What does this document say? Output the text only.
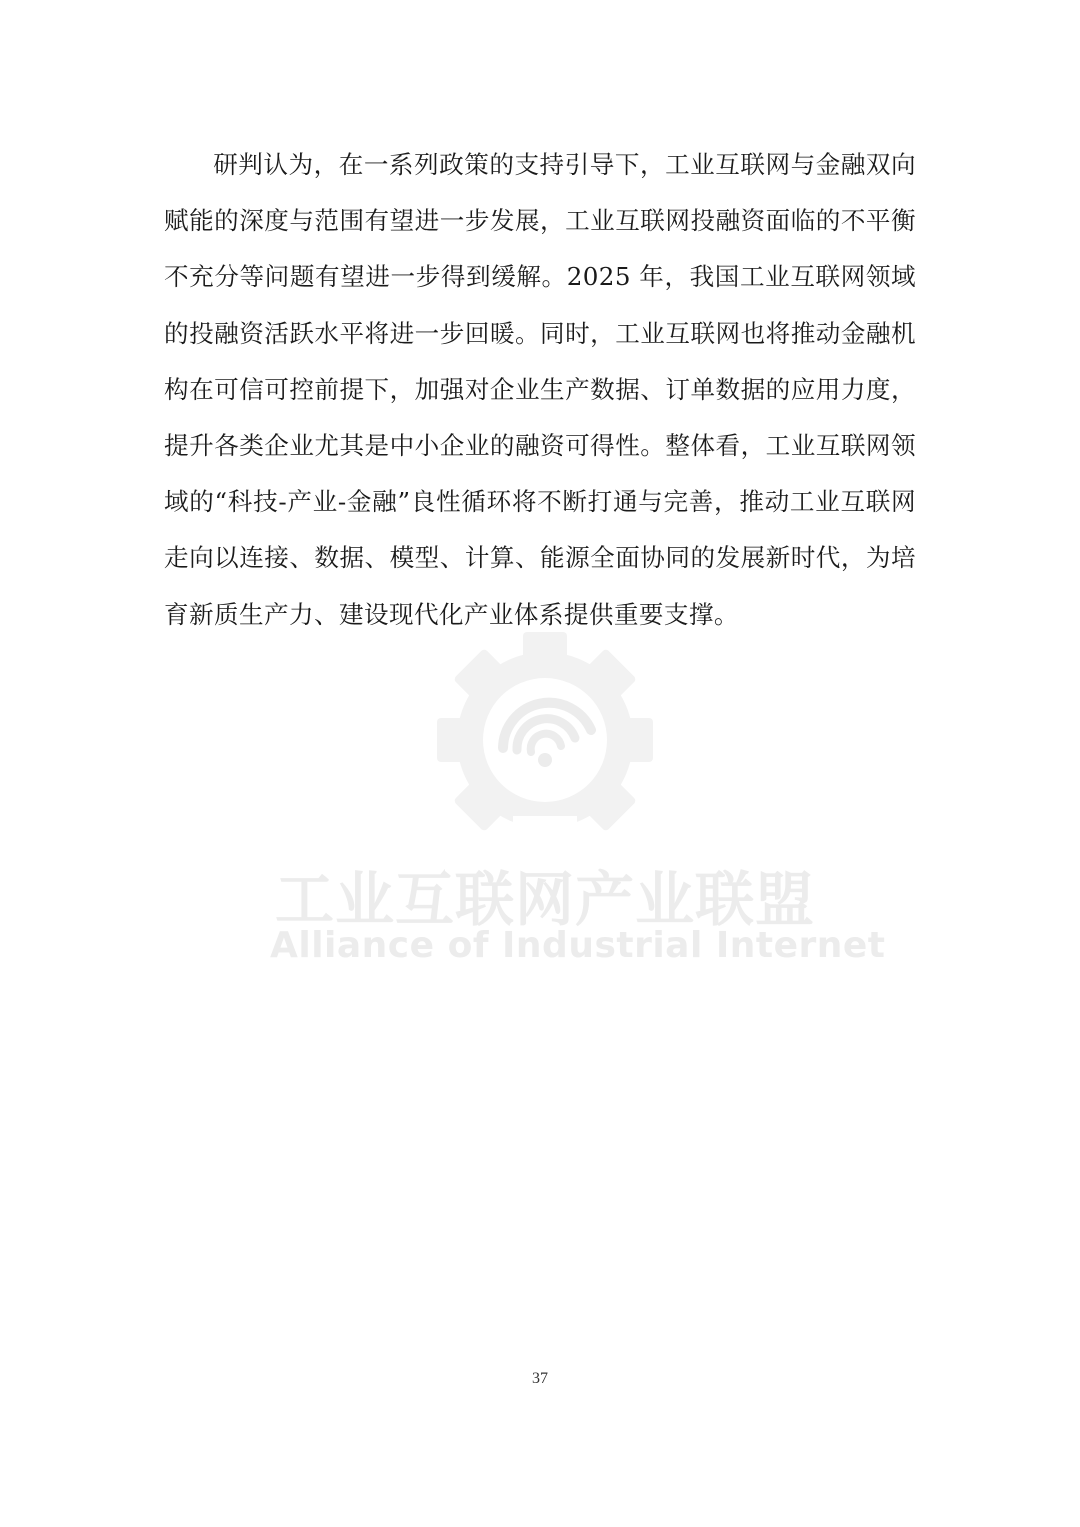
工业互联网产业联盟
Alliance of Industrial Internet

研判认为，在一系列政策的支持引导下，工业互联网与金融双向赋能的深度与范围有望进一步发展，工业互联网投融资面临的不平衡不充分等问题有望进一步得到缓解。2025 年，我国工业互联网领域的投融资活跃水平将进一步回暖。同时，工业互联网也将推动金融机构在可信可控前提下，加强对企业生产数据、订单数据的应用力度，提升各类企业尤其是中小企业的融资可得性。整体看，工业互联网领域的“科技-产业-金融”良性循环将不断打通与完善，推动工业互联网走向以连接、数据、模型、计算、能源全面协同的发展新时代，为培育新质生产力、建设现代化产业体系提供重要支撑。

37
